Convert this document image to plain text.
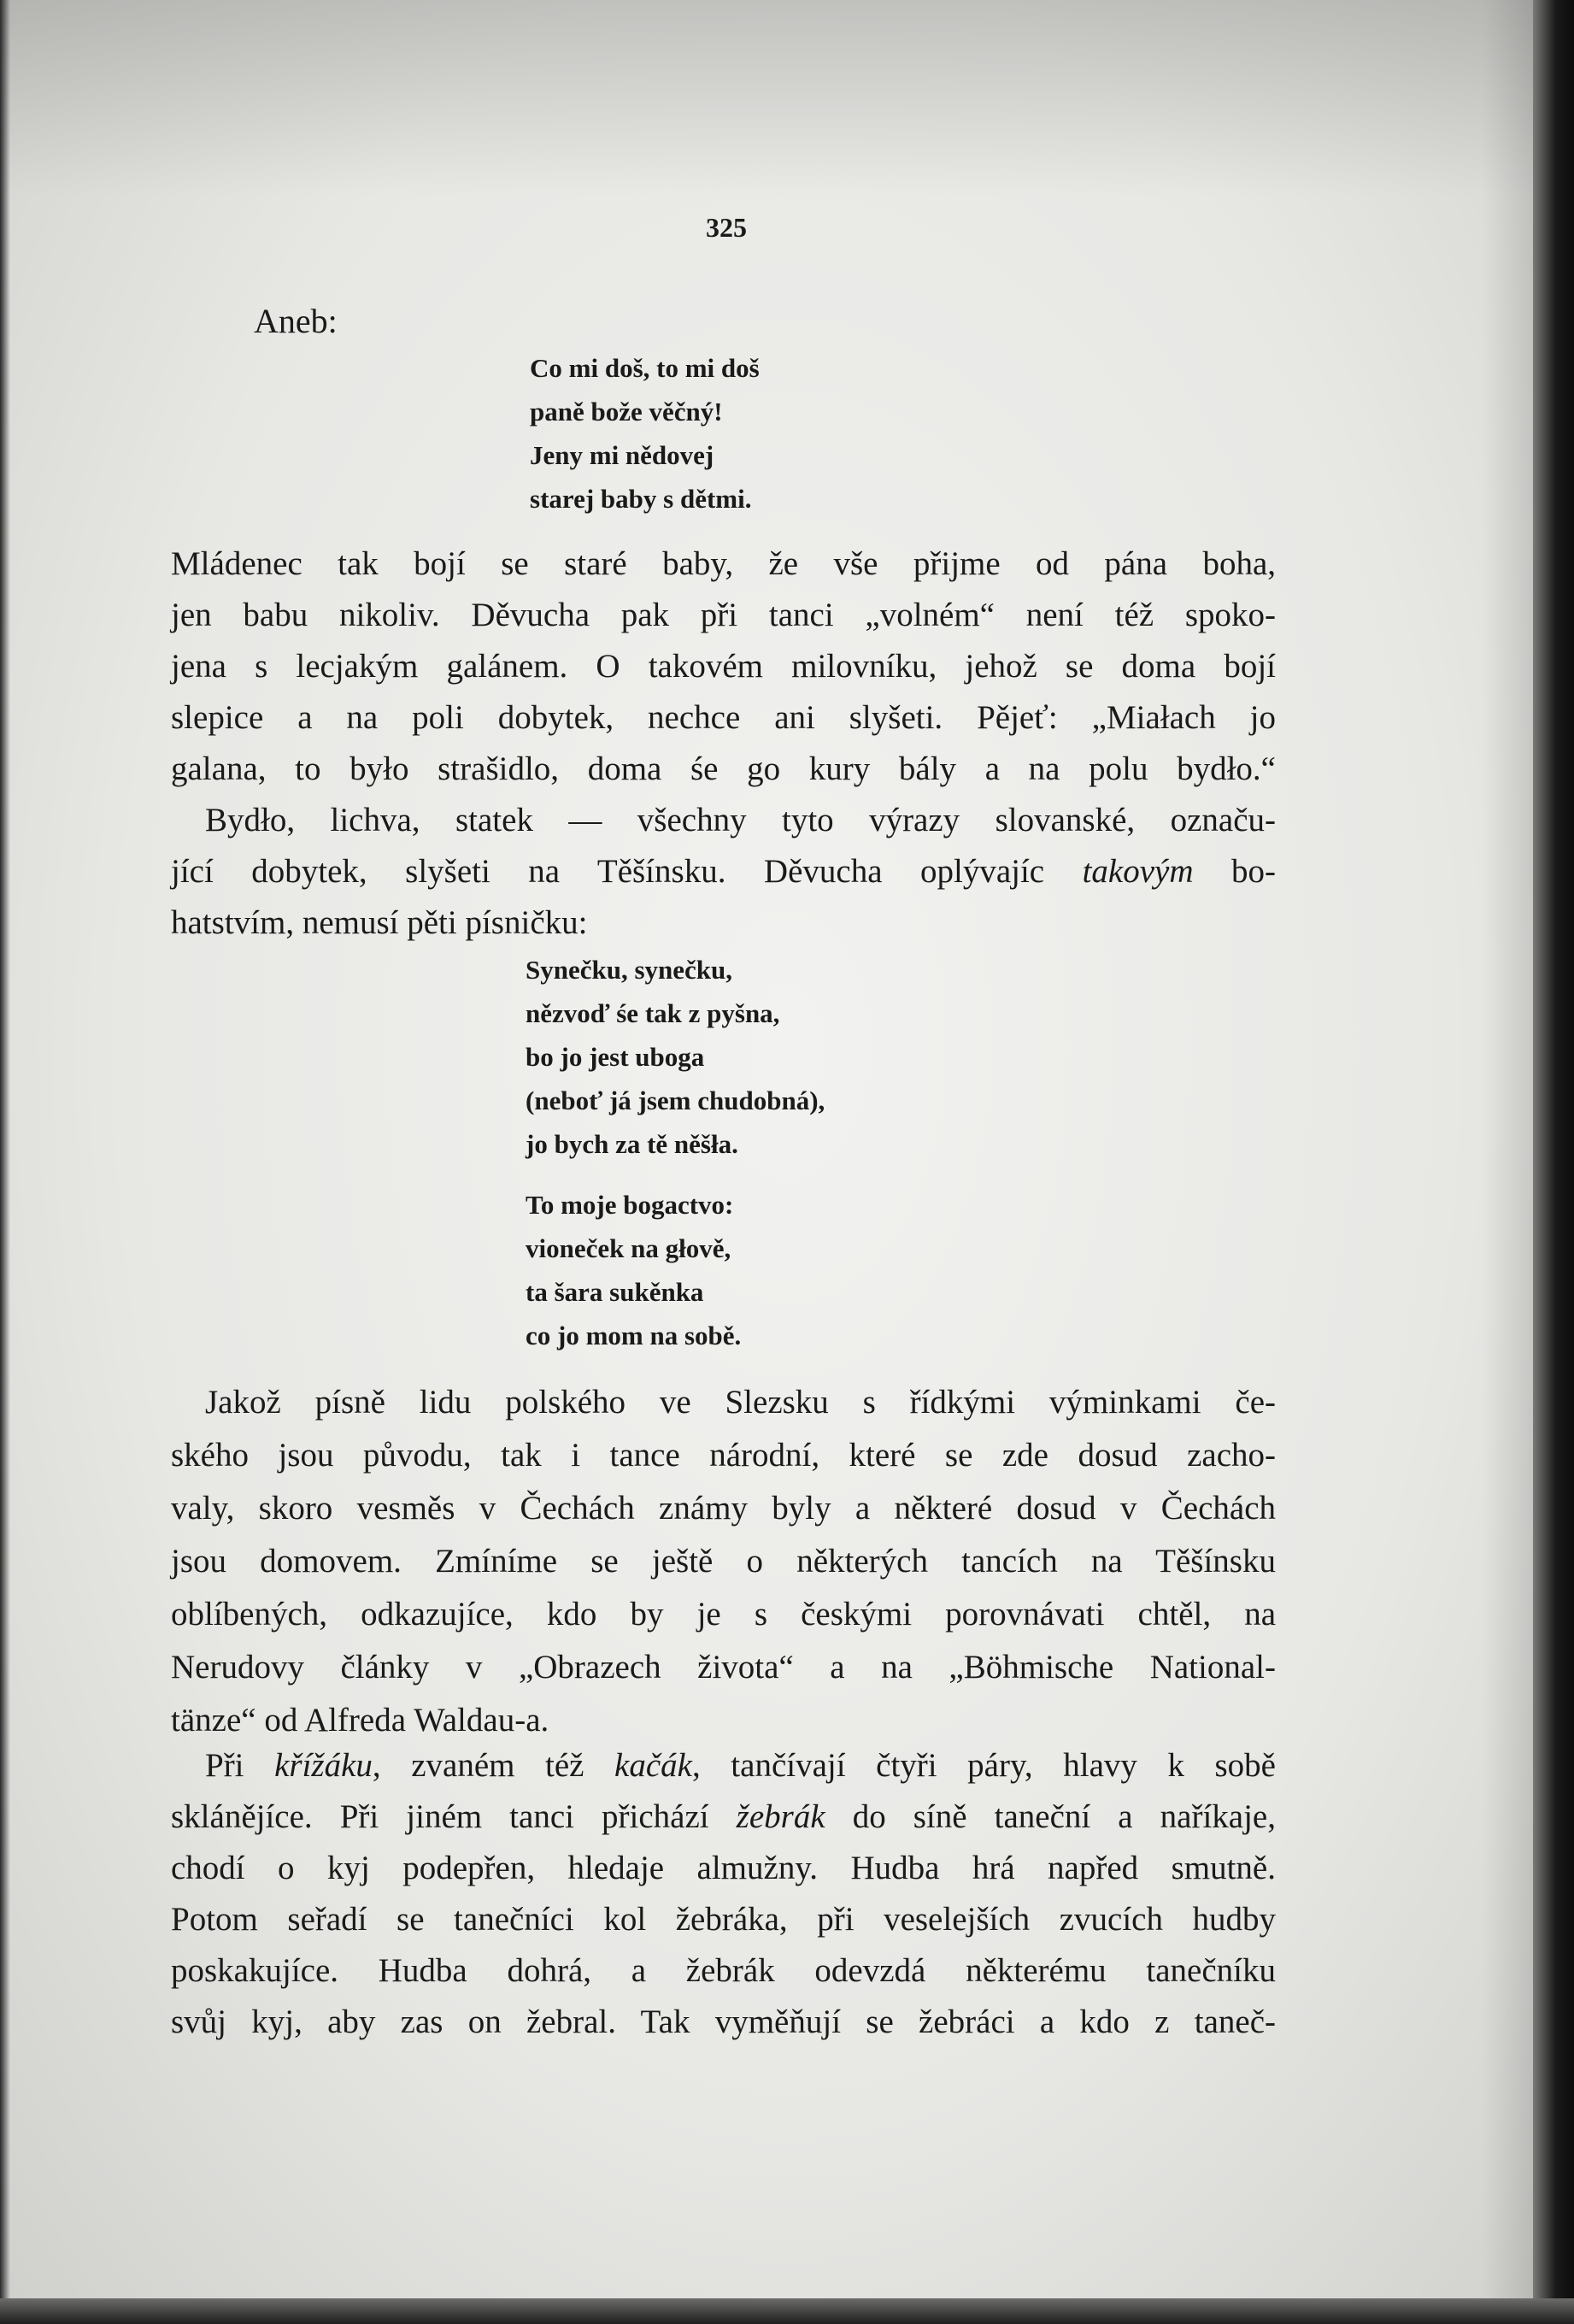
325
Aneb:
Co mi doš, to mi doš
paně bože věčný!
Jeny mi nědovej
starej baby s dětmi.
Mládenec tak bojí se staré baby, že vše přijme od pána boha,
jen babu nikoliv. Děvucha pak při tanci „volném“ není též spoko-
jena s lecjakým galánem. O takovém milovníku, jehož se doma bojí
slepice a na poli dobytek, nechce ani slyšeti. Pějeť: „Miałach jo
galana, to było strašidlo, doma śe go kury bály a na polu bydło.“
Bydło, lichva, statek — všechny tyto výrazy slovanské, označu-
jící dobytek, slyšeti na Těšínsku. Děvucha oplývajíc takovým bo-
hatstvím, nemusí pěti písničku:
Synečku, synečku,
nězvoď śe tak z pyšna,
bo jo jest uboga
(neboť já jsem chudobná),
jo bych za tě něšła.
To moje bogactvo:
vioneček na głově,
ta šara sukěnka
co jo mom na sobě.
Jakož písně lidu polského ve Slezsku s řídkými výminkami če-
ského jsou původu, tak i tance národní, které se zde dosud zacho-
valy, skoro vesměs v Čechách známy byly a některé dosud v Čechách
jsou domovem. Zmíníme se ještě o některých tancích na Těšínsku
oblíbených, odkazujíce, kdo by je s českými porovnávati chtěl, na
Nerudovy články v „Obrazech života“ a na „Böhmische National-
tänze“ od Alfreda Waldau-a.
Při křížáku, zvaném též kačák, tančívají čtyři páry, hlavy k sobě
sklánějíce. Při jiném tanci přichází žebrák do síně taneční a naříkaje,
chodí o kyj podepřen, hledaje almužny. Hudba hrá napřed smutně.
Potom seřadí se tanečníci kol žebráka, při veselejších zvucích hudby
poskakujíce. Hudba dohrá, a žebrák odevzdá některému tanečníku
svůj kyj, aby zas on žebral. Tak vyměňují se žebráci a kdo z taneč-
